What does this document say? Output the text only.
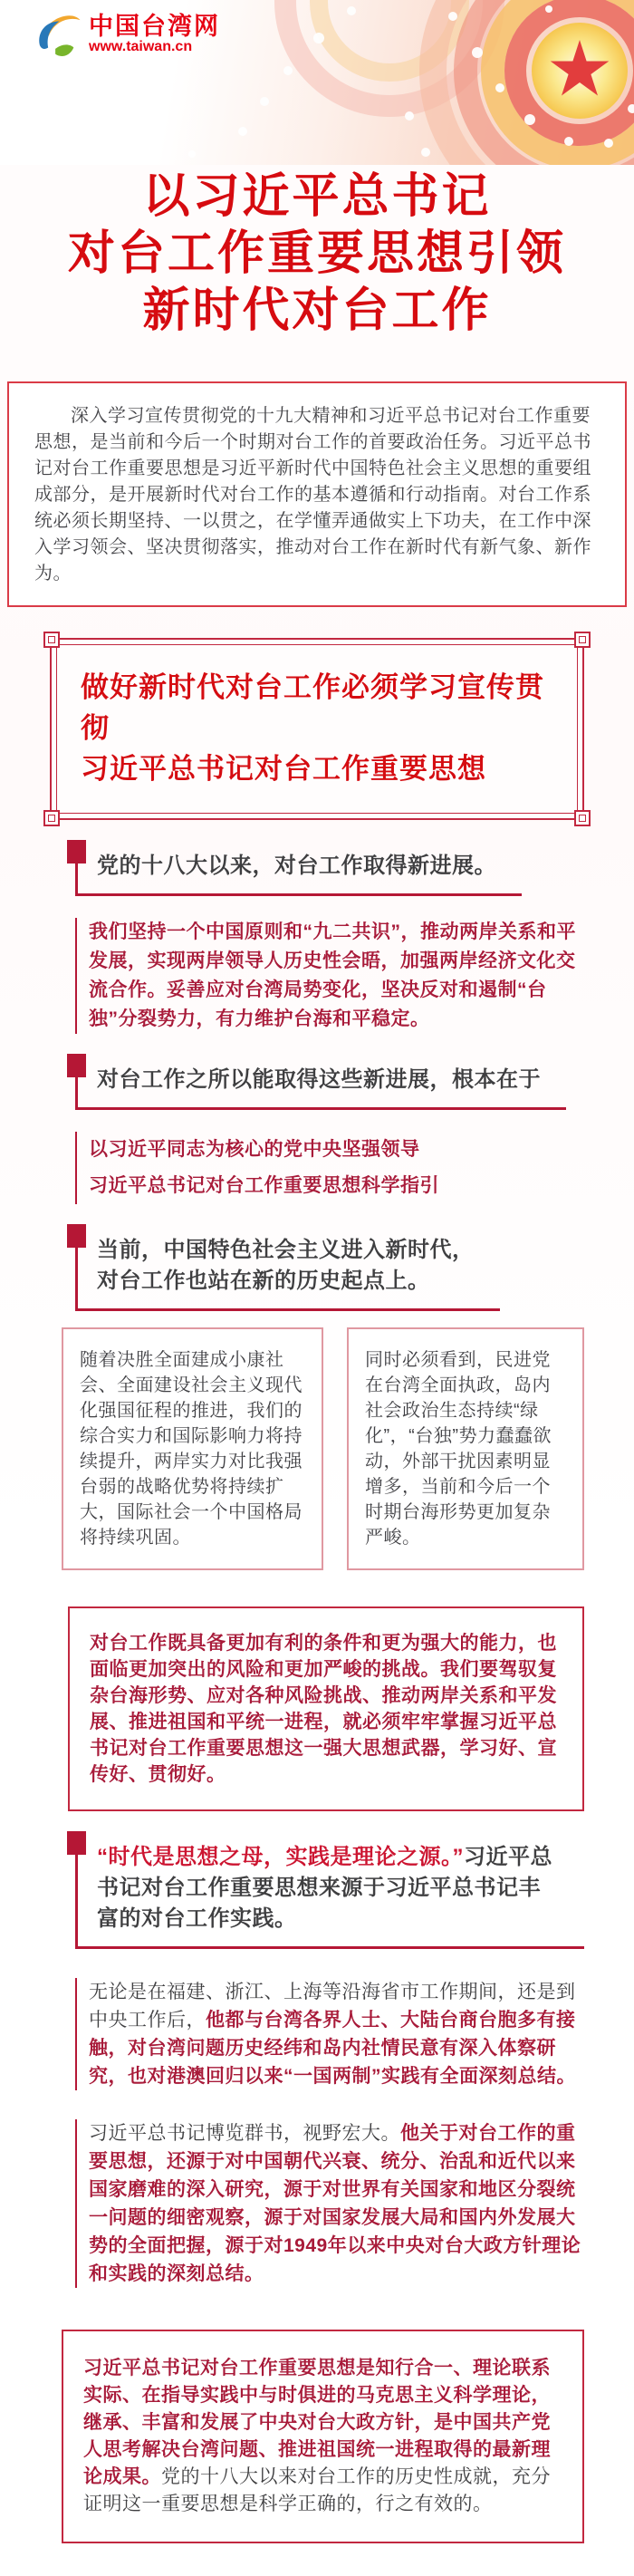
中国台湾网
www.taiwan.cn
以习近平总书记
对台工作重要思想引领
新时代对台工作

深入学习宣传贯彻党的十九大精神和习近平总书记对台工作重要思想，是当前和今后一个时期对台工作的首要政治任务。习近平总书记对台工作重要思想是习近平新时代中国特色社会主义思想的重要组成部分，是开展新时代对台工作的基本遵循和行动指南。对台工作系统必须长期坚持、一以贯之，在学懂弄通做实上下功夫，在工作中深入学习领会、坚决贯彻落实，推动对台工作在新时代有新气象、新作为。

做好新时代对台工作必须学习宣传贯彻
习近平总书记对台工作重要思想
党的十八大以来，对台工作取得新进展。
我们坚持一个中国原则和“九二共识”，推动两岸关系和平发展，实现两岸领导人历史性会晤，加强两岸经济文化交流合作。妥善应对台湾局势变化，坚决反对和遏制“台独”分裂势力，有力维护台海和平稳定。
对台工作之所以能取得这些新进展，根本在于
以习近平同志为核心的党中央坚强领导
习近平总书记对台工作重要思想科学指引
当前，中国特色社会主义进入新时代，
对台工作也站在新的历史起点上。
随着决胜全面建成小康社会、全面建设社会主义现代化强国征程的推进，我们的综合实力和国际影响力将持续提升，两岸实力对比我强台弱的战略优势将持续扩大，国际社会一个中国格局将持续巩固。
同时必须看到，民进党在台湾全面执政，岛内社会政治生态持续“绿化”，“台独”势力蠢蠢欲动，外部干扰因素明显增多，当前和今后一个时期台海形势更加复杂严峻。
对台工作既具备更加有利的条件和更为强大的能力，也面临更加突出的风险和更加严峻的挑战。我们要驾驭复杂台海形势、应对各种风险挑战、推动两岸关系和平发展、推进祖国和平统一进程，就必须牢牢掌握习近平总书记对台工作重要思想这一强大思想武器，学习好、宣传好、贯彻好。
“时代是思想之母，实践是理论之源。”习近平总书记对台工作重要思想来源于习近平总书记丰富的对台工作实践。
无论是在福建、浙江、上海等沿海省市工作期间，还是到中央工作后，他都与台湾各界人士、大陆台商台胞多有接触，对台湾问题历史经纬和岛内社情民意有深入体察研究，也对港澳回归以来“一国两制”实践有全面深刻总结。
习近平总书记博览群书，视野宏大。他关于对台工作的重要思想，还源于对中国朝代兴衰、统分、治乱和近代以来国家磨难的深入研究，源于对世界有关国家和地区分裂统一问题的细密观察，源于对国家发展大局和国内外发展大势的全面把握，源于对1949年以来中央对台大政方针理论和实践的深刻总结。
习近平总书记对台工作重要思想是知行合一、理论联系实际、在指导实践中与时俱进的马克思主义科学理论，继承、丰富和发展了中央对台大政方针，是中国共产党人思考解决台湾问题、推进祖国统一进程取得的最新理论成果。党的十八大以来对台工作的历史性成就，充分证明这一重要思想是科学正确的，行之有效的。
